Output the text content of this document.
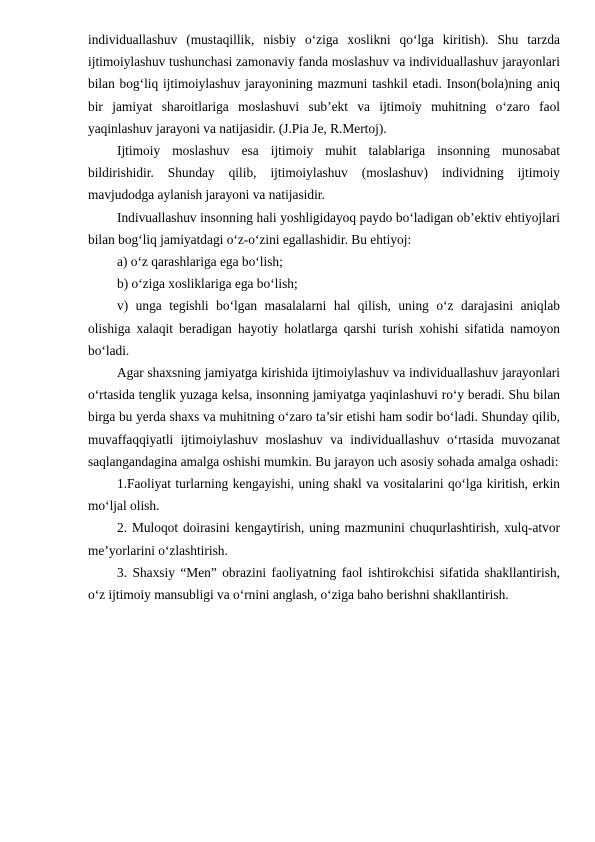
individuallashuv (mustaqillik, nisbiy o‘ziga xoslikni qo‘lga kiritish). Shu tarzda ijtimoiylashuv tushunchasi zamonaviy fanda moslashuv va individuallashuv jarayonlari bilan bog‘liq ijtimoiylashuv jarayonining mazmuni tashkil etadi. Inson(bola)ning aniq bir jamiyat sharoitlariga moslashuvi sub’ekt va ijtimoiy muhitning o‘zaro faol yaqinlashuv jarayoni va natijasidir. (J.Pia Je, R.Mertoj).

Ijtimoiy moslashuv esa ijtimoiy muhit talablariga insonning munosabat bildirishidir. Shunday qilib, ijtimoiylashuv (moslashuv) individning ijtimoiy mavjudodga aylanish jarayoni va natijasidir.

Indivuallashuv insonning hali yoshligidayoq paydo bo‘ladigan ob’ektiv ehtiyojlari bilan bog‘liq jamiyatdagi o‘z-o‘zini egallashidir. Bu ehtiyoj:

a) o‘z qarashlariga ega bo‘lish;

b) o‘ziga xosliklariga ega bo‘lish;

v) unga tegishli bo‘lgan masalalarni hal qilish, uning o‘z darajasini aniqlab olishiga xalaqit beradigan hayotiy holatlarga qarshi turish xohishi sifatida namoyon bo‘ladi.

Agar shaxsning jamiyatga kirishida ijtimoiylashuv va individuallashuv jarayonlari o‘rtasida tenglik yuzaga kelsa, insonning jamiyatga yaqinlashuvi ro‘y beradi. Shu bilan birga bu yerda shaxs va muhitning o‘zaro ta’sir etishi ham sodir bo‘ladi. Shunday qilib, muvaffaqqiyatli ijtimoiylashuv moslashuv va individuallashuv o‘rtasida muvozanat saqlangandagina amalga oshishi mumkin. Bu jarayon uch asosiy sohada amalga oshadi:

1.Faoliyat turlarning kengayishi, uning shakl va vositalarini qo‘lga kiritish, erkin mo‘ljal olish.

2. Muloqot doirasini kengaytirish, uning mazmunini chuqurlashtirish, xulq-atvor me’yorlarini o‘zlashtirish.

3. Shaxsiy “Men” obrazini faoliyatning faol ishtirokchisi sifatida shakllantirish, o‘z ijtimoiy mansubligi va o‘rnini anglash, o‘ziga baho berishni shakllantirish.
